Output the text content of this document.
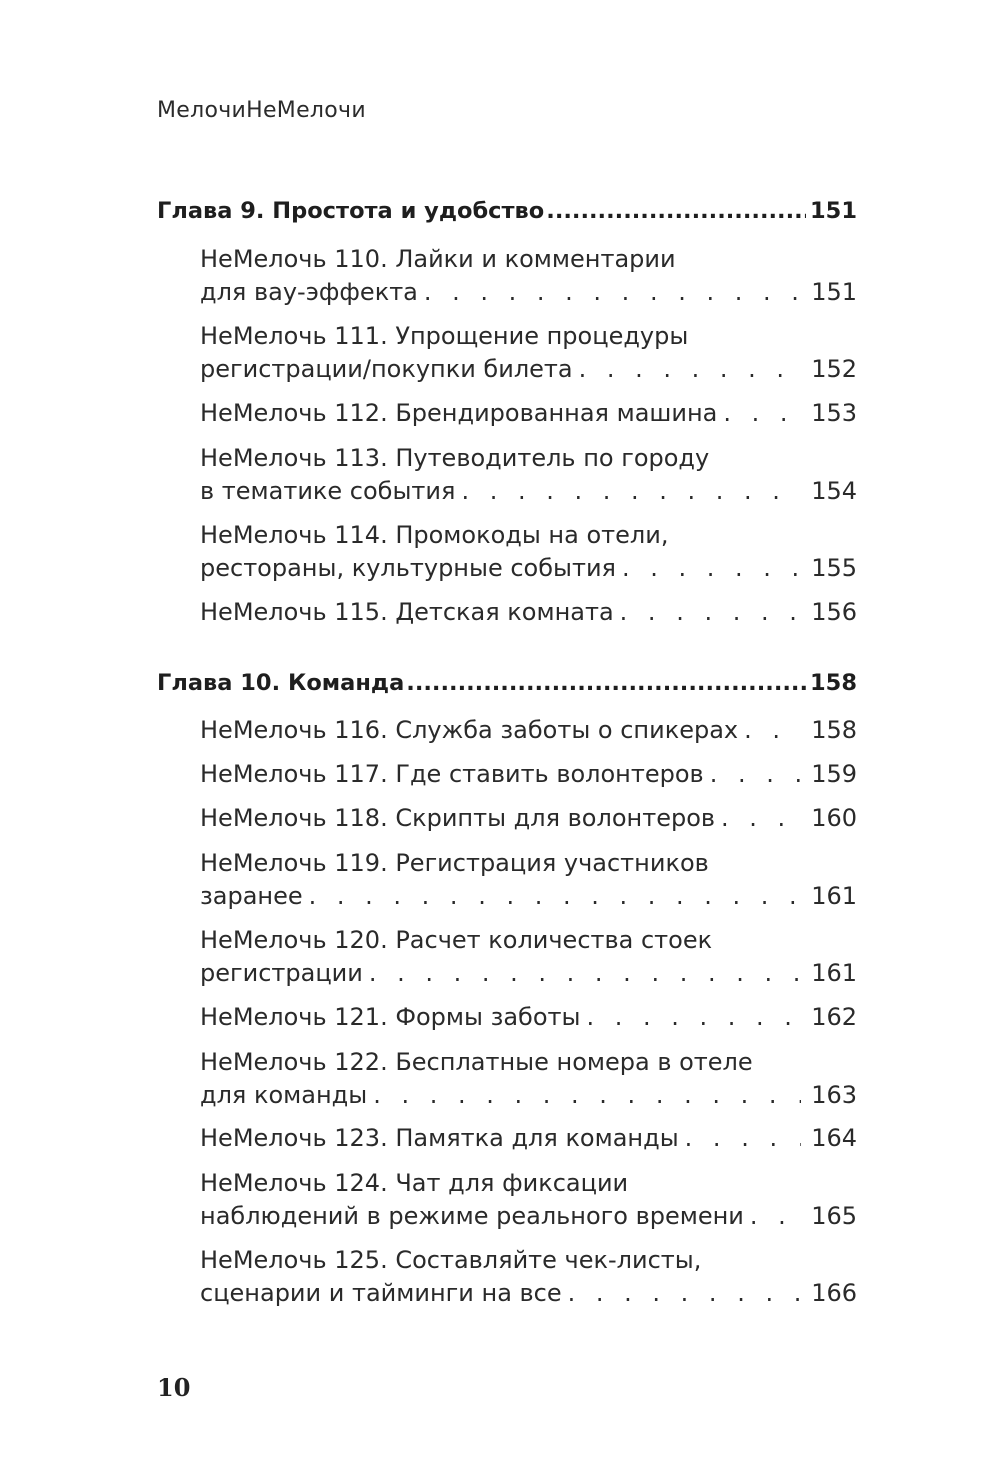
МелочиНеМелочи
Глава 9. Простота и удобство .....	151
НеМелочь 110. Лайки и комментарии
для вау-эффекта . . .	151
НеМелочь 111. Упрощение процедуры
регистрации/покупки билета . . .	152
НеМелочь 112. Брендированная машина . . .	153
НеМелочь 113. Путеводитель по городу
в тематике события . . .	154
НеМелочь 114. Промокоды на отели,
рестораны, культурные события . . .	155
НеМелочь 115. Детская комната . . .	156
Глава 10. Команда .....	158
НеМелочь 116. Служба заботы о спикерах . . .	158
НеМелочь 117. Где ставить волонтеров . . .	159
НеМелочь 118. Скрипты для волонтеров . . .	160
НеМелочь 119. Регистрация участников
заранее . . .	161
НеМелочь 120. Расчет количества стоек
регистрации . . .	161
НеМелочь 121. Формы заботы . . .	162
НеМелочь 122. Бесплатные номера в отеле
для команды . . .	163
НеМелочь 123. Памятка для команды . . .	164
НеМелочь 124. Чат для фиксации
наблюдений в режиме реального времени . . .	165
НеМелочь 125. Составляйте чек-листы,
сценарии и тайминги на все . . .	166
10
